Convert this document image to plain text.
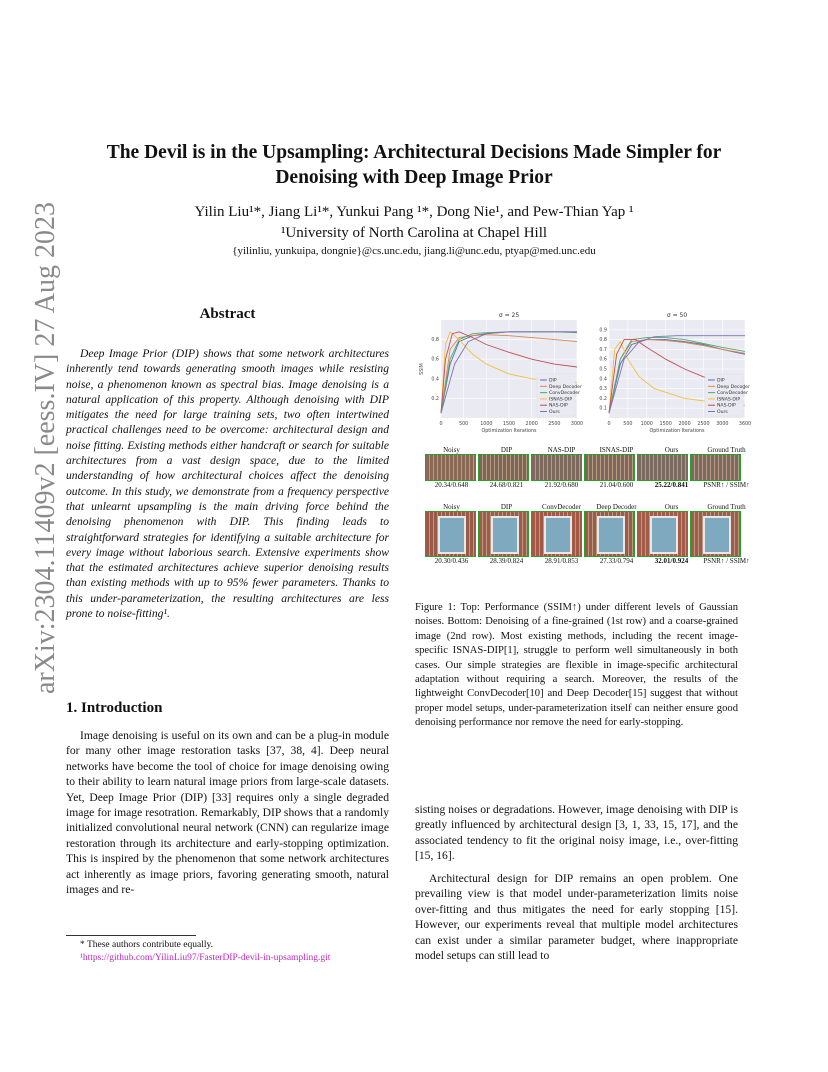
arXiv:2304.11409v2 [eess.IV] 27 Aug 2023
The Devil is in the Upsampling: Architectural Decisions Made Simpler for
Denoising with Deep Image Prior
Yilin Liu¹*, Jiang Li¹*, Yunkui Pang ¹*, Dong Nie¹, and Pew-Thian Yap ¹
¹University of North Carolina at Chapel Hill
{yilinliu, yunkuipa, dongnie}@cs.unc.edu, jiang.li@unc.edu, ptyap@med.unc.edu
Abstract
Deep Image Prior (DIP) shows that some network architectures inherently tend towards generating smooth images while resisting noise, a phenomenon known as spectral bias. Image denoising is a natural application of this property. Although denoising with DIP mitigates the need for large training sets, two often intertwined practical challenges need to be overcome: architectural design and noise fitting. Existing methods either handcraft or search for suitable architectures from a vast design space, due to the limited understanding of how architectural choices affect the denoising outcome. In this study, we demonstrate from a frequency perspective that unlearnt upsampling is the main driving force behind the denoising phenomenon with DIP. This finding leads to straightforward strategies for identifying a suitable architecture for every image without laborious search. Extensive experiments show that the estimated architectures achieve superior denoising results than existing methods with up to 95% fewer parameters. Thanks to this under-parameterization, the resulting architectures are less prone to noise-fitting¹.
1. Introduction
Image denoising is useful on its own and can be a plug-in module for many other image restoration tasks [37, 38, 4]. Deep neural networks have become the tool of choice for image denoising owing to their ability to learn natural image priors from large-scale datasets. Yet, Deep Image Prior (DIP) [33] requires only a single degraded image for image resotration. Remarkably, DIP shows that a randomly initialized convolutional neural network (CNN) can regularize image restoration through its architecture and early-stopping optimization. This is inspired by the phenomenon that some network architectures act inherently as image priors, favoring generating smooth, natural images and re-
* These authors contribute equally.
¹https://github.com/YilinLiu97/FasterDIP-devil-in-upsampling.git
0.2
0.4
0.6
0.8
0	500 1000 1500 2000 2500 3000
σ = 25
Optimization Iterations
SSIM
DIP
Deep Decoder
ConvDecoder
ISNAS-DIP
NAS-DIP
Ours
0.1
0.2
0.3
0.4
0.5
0.6
0.7
0.8
0.9
0	500 1000 1500 2000 2500 3000 3600
σ = 50
Optimization Iterations
DIP
Deep Decoder
ConvDecoder
ISNAS-DIP
NAS-DIP
Ours
Noisy	DIP	NAS-DIP	ISNAS-DIP	Ours	Ground Truth
20.34/0.648	24.68/0.821	21.92/0.680	21.04/0.600	25.22/0.841	PSNR↑ / SSIM↑
Noisy	DIP	ConvDecoder	Deep Decoder	Ours	Ground Truth
20.30/0.436	28.39/0.824	28.91/0.853	27.33/0.794	32.01/0.924	PSNR↑ / SSIM↑
Figure 1: Top: Performance (SSIM↑) under different levels of Gaussian noises. Bottom: Denoising of a fine-grained (1st row) and a coarse-grained image (2nd row). Most existing methods, including the recent image-specific ISNAS-DIP[1], struggle to perform well simultaneously in both cases. Our simple strategies are flexible in image-specific architectural adaptation without requiring a search. Moreover, the results of the lightweight ConvDecoder[10] and Deep Decoder[15] suggest that without proper model setups, under-parameterization itself can neither ensure good denoising performance nor remove the need for early-stopping.
sisting noises or degradations. However, image denoising with DIP is greatly influenced by architectural design [3, 1, 33, 15, 17], and the associated tendency to fit the original noisy image, i.e., over-fitting [15, 16].
Architectural design for DIP remains an open problem. One prevailing view is that model under-parameterization limits noise over-fitting and thus mitigates the need for early stopping [15]. However, our experiments reveal that multiple model architectures can exist under a similar parameter budget, where inappropriate model setups can still lead to
